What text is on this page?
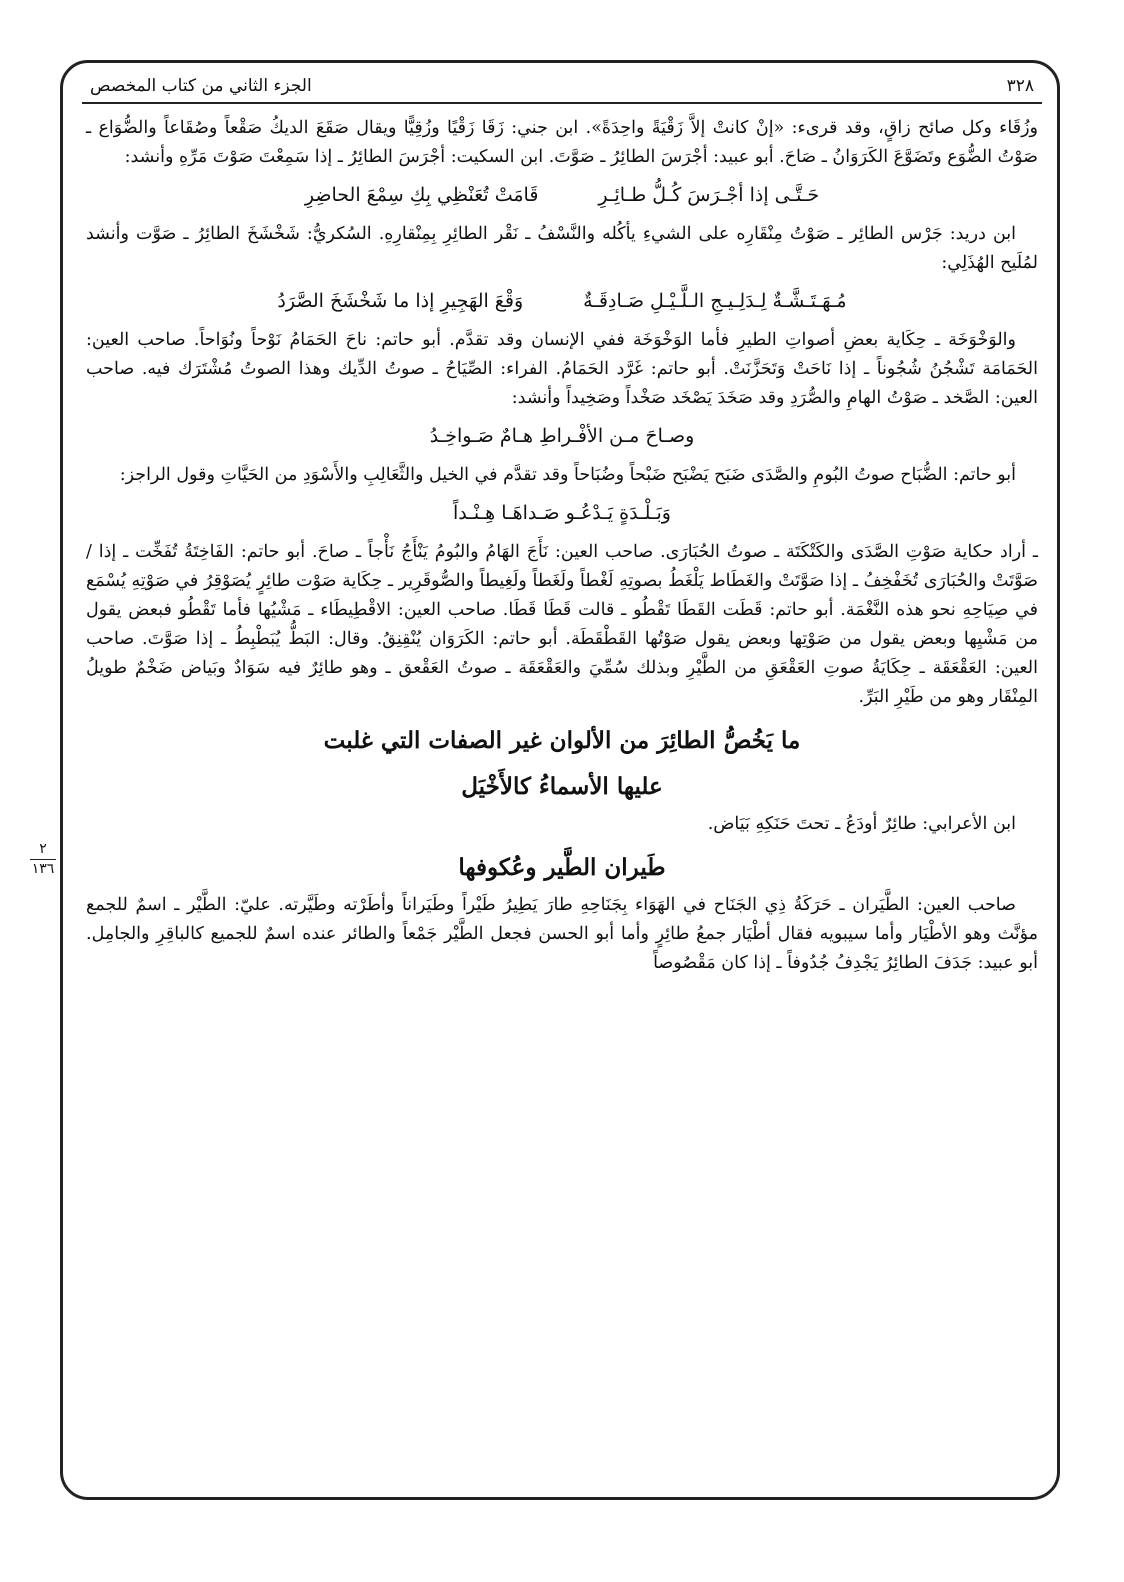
٣٢٨
الجزء الثاني من كتاب المخصص

وزُقَاء وكل صائح زاقٍ، وقد قرىء: «إنْ كانتْ إلاَّ زَقْيَةً واحِدَةً». ابن جني: زَقَا زَقْيًا وزُقِيًّا ويقال صَقَعَ الديكُ صَقْعاً وصُقَاعاً والضُّوَاع ـ صَوْتُ الضُّوَع وتَضَوَّعَ الكَرَوَانُ ـ صَاحَ. أبو عبيد: أجْرَسَ الطائِرُ ـ صَوَّتَ. ابن السكيت: أجْرَسَ الطائِرُ ـ إذا سَمِعْتَ صَوْتَ مَرِّهِ وأنشد:

حَـتَّـى إذا أجْـرَسَ كُـلُّ طـائِـرِ
قَامَتْ تُعَنْظِي بِكِ سِمْعَ الحاضِرِ

ابن دريد: جَرْس الطائِر ـ صَوْتُ مِنْقَارِه على الشيءِ يأكُله والنَّسْفُ ـ نَقْر الطائِرِ بِمِنْقارِهِ. السُكريُّ: شَخْشَخَ الطائِرُ ـ صَوَّت وأنشد لمُلَيح الهُذَلِي:

مُـهَـتَـشَّـةٌ لِـدَلِـيـجِ الـلَّـيْـلِ صَـادِقَـةٌ
وَقْعَ الهَجِيرِ إذا ما شَخْشَخَ الصَّرَدُ

والوَخْوَخَة ـ حِكَاية بعضِ أصواتِ الطيرِ فأما الوَخْوَخَة ففي الإنسان وقد تقدَّم. أبو حاتم: ناحَ الحَمَامُ نَوْحاً ونُوَاحاً. صاحب العين: الحَمَامَة تَشْجُنُ شُجُوناً ـ إذا نَاحَتْ وَتَحَزَّنَتْ. أبو حاتم: غَرَّد الحَمَامُ. الفراء: الصِّيَاحُ ـ صوتُ الدِّيك وهذا الصوتُ مُشْتَرَك فيه. صاحب العين: الصَّخد ـ صَوْتُ الهامِ والصُّرَدِ وقد صَخَدَ يَصْخَد صَخْداً وصَخِيداً وأنشد:

وصـاحَ مـن الأفْـراطِ هـامٌ صَـواخِـدُ

أبو حاتم: الضُّبَاح صوتُ البُومِ والصَّدَى ضَبَح يَضْبَح ضَبْحاً وضُبَاحاً وقد تقدَّم في الخيل والثَّعَالِبِ والأَسْوَدِ من الحَيَّاتِ وقول الراجز:

وَبَـلْـدَةٍ يَـدْعُـو صَـداهَـا هِـنْـداً

ـ أراد حكاية صَوْتِ الصَّدَى والكَتْكَتَة ـ صوتُ الحُبَارَى. صاحب العين: نَأَجَ الهَامُ والبُومُ يَنْأَجُ نَأْجاً ـ صاحَ. أبو حاتم: الفَاخِتَةُ تُفَخِّت ـ إذا / صَوَّتَتْ والحُبَارَى تُخَفْخِفُ ـ إذا صَوَّتَتْ والغَطَاط يَلْغَطُ بصوتِهِ لَغْطاً ولَغَطاً ولَغِيطاً والصُّوقَرِير ـ حِكَاية صَوْت طائِرٍ يُصَوْقِرُ في صَوْتِهِ يُسْمَع في صِيَاحِهِ نحو هذه النَّغْمَة. أبو حاتم: قَطَت القَطَا تَقْطُو ـ قالت قَطَا قَطَا. صاحب العين: الاقْطِيطَاء ـ مَشْيُها فأما تَقْطُو فبعض يقول من مَشْيِها وبعض يقول من صَوْتِها وبعض يقول صَوْتُها القَطْقَطَة. أبو حاتم: الكَرَوَان يُنْقِنِقُ. وقال: البَطُّ يُبَطْبِطُ ـ إذا صَوَّتَ. صاحب العين: العَقْعَقَة ـ حِكَايَةُ صوتِ العَقْعَقِ من الطَّيْرِ وبذلك سُمِّيَ والعَقْعَقَة ـ صوتُ العَقْعق ـ وهو طائِرٌ فيه سَوَادٌ وبَياض ضَخْمٌ طويلُ المِنْقَار وهو من طَيْرِ البَرِّ.

ما يَخُصُّ الطائِرَ من الألوان غير الصفات التي غلبت
عليها الأسماءُ كالأَخْيَل

ابن الأعرابي: طائِرٌ أودَعُ ـ تحتَ حَنَكِهِ بَيَاض.

طَيران الطَّير وعُكوفها

صاحب العين: الطَّيَران ـ حَرَكَةُ ذِي الجَنَاح في الهَوَاء بِجَنَاحِهِ طارَ يَطِيرُ طَيْراً وطَيَراناً وأطَرْته وطَيَّرته. عليّ: الطَّيْر ـ اسمٌ للجمع مؤنَّث وهو الأطْيَار وأما سيبويه فقال أطْيَار جمعُ طائِرٍ وأما أبو الحسن فجعل الطَّيْر جَمْعاً والطائر عنده اسمٌ للجميع كالباقِرِ والجامِل. أبو عبيد: جَدَفَ الطائِرُ يَجْدِفُ جُدُوفاً ـ إذا كان مَقْصُوصاً

٢
١٣٦
